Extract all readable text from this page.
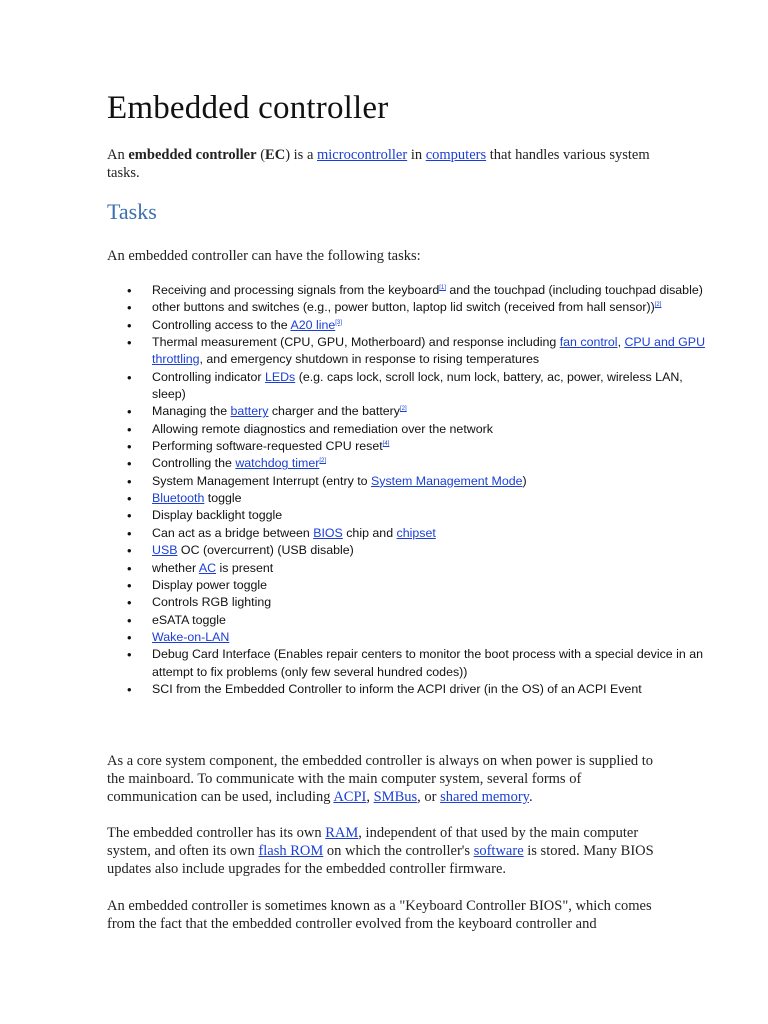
Embedded controller

An embedded controller (EC) is a microcontroller in computers that handles various system tasks.

Tasks

An embedded controller can have the following tasks:

• Receiving and processing signals from the keyboard[1] and the touchpad (including touchpad disable)
• other buttons and switches (e.g., power button, laptop lid switch (received from hall sensor))[2]
• Controlling access to the A20 line[3]
• Thermal measurement (CPU, GPU, Motherboard) and response including fan control, CPU and GPU throttling, and emergency shutdown in response to rising temperatures
• Controlling indicator LEDs (e.g. caps lock, scroll lock, num lock, battery, ac, power, wireless LAN, sleep)
• Managing the battery charger and the battery[2]
• Allowing remote diagnostics and remediation over the network
• Performing software-requested CPU reset[4]
• Controlling the watchdog timer[2]
• System Management Interrupt (entry to System Management Mode)
• Bluetooth toggle
• Display backlight toggle
• Can act as a bridge between BIOS chip and chipset
• USB OC (overcurrent) (USB disable)
• whether AC is present
• Display power toggle
• Controls RGB lighting
• eSATA toggle
• Wake-on-LAN
• Debug Card Interface (Enables repair centers to monitor the boot process with a special device in an attempt to fix problems (only few several hundred codes))
• SCI from the Embedded Controller to inform the ACPI driver (in the OS) of an ACPI Event

As a core system component, the embedded controller is always on when power is supplied to the mainboard. To communicate with the main computer system, several forms of communication can be used, including ACPI, SMBus, or shared memory.

The embedded controller has its own RAM, independent of that used by the main computer system, and often its own flash ROM on which the controller's software is stored. Many BIOS updates also include upgrades for the embedded controller firmware.

An embedded controller is sometimes known as a "Keyboard Controller BIOS", which comes from the fact that the embedded controller evolved from the keyboard controller and
